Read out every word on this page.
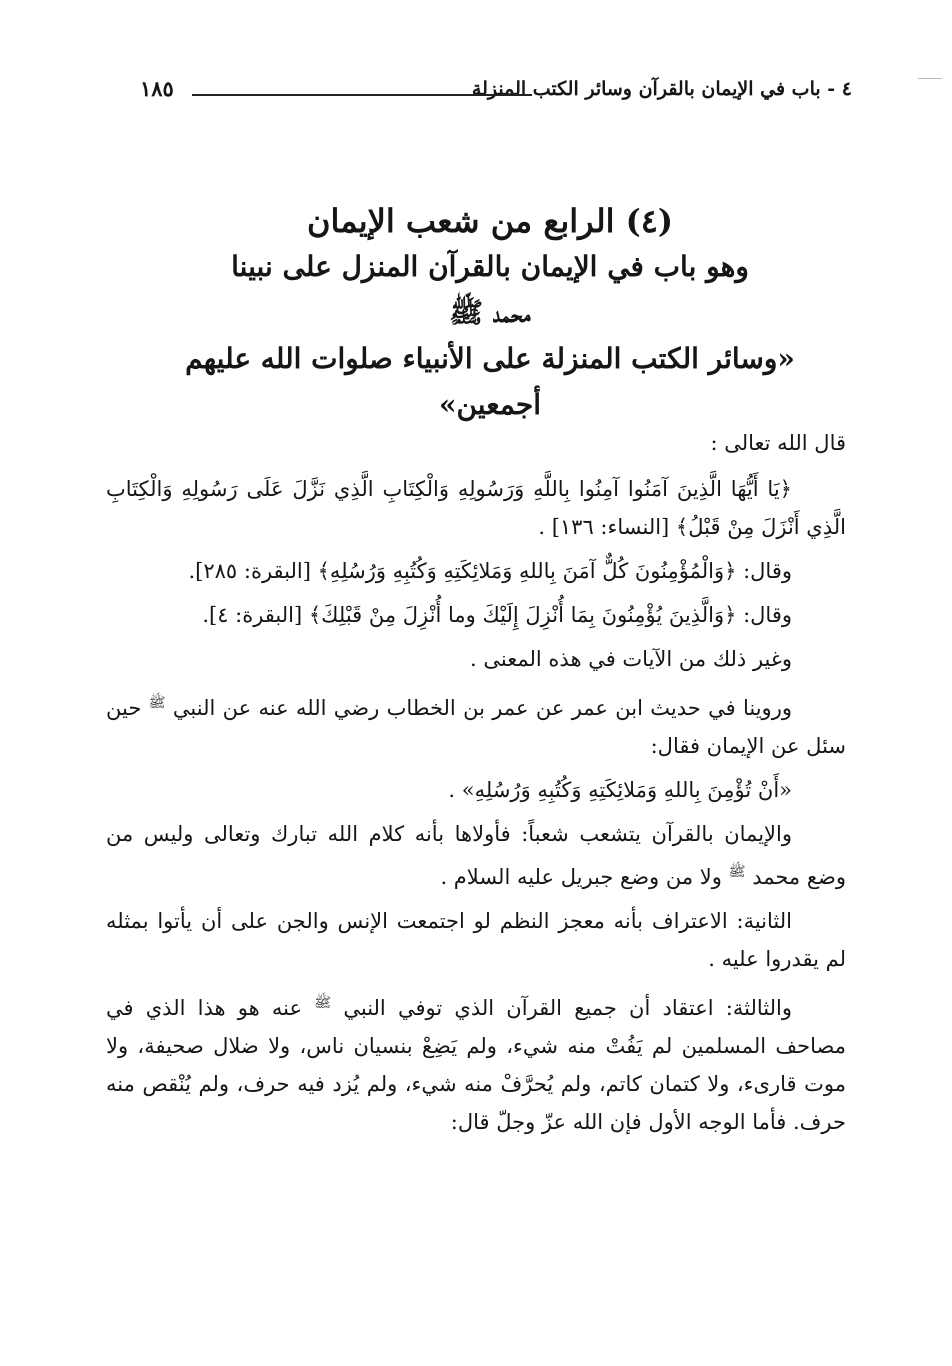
٤ - باب في الإيمان بالقرآن وسائر الكتب المنزلة
١٨٥
(٤) الرابع من شعب الإيمان
وهو باب في الإيمان بالقرآن المنزل على نبينا
محمد ﷺ
«وسائر الكتب المنزلة على الأنبياء صلوات الله عليهم
أجمعين»

قال الله تعالى :

﴿يَا أَيُّهَا الَّذِينَ آمَنُوا آمِنُوا بِاللَّهِ وَرَسُولِهِ وَالْكِتَابِ الَّذِي نَزَّلَ عَلَى رَسُولِهِ وَالْكِتَابِ الَّذِي أَنْزَلَ مِنْ قَبْلُ﴾ [النساء: ١٣٦] .

وقال: ﴿وَالْمُؤْمِنُونَ كُلٌّ آمَنَ بِاللهِ وَمَلائِكَتِهِ وَكُتُبِهِ وَرُسُلِهِ﴾ [البقرة: ٢٨٥].

وقال: ﴿وَالَّذِينَ يُؤْمِنُونَ بِمَا أُنْزِلَ إِلَيْكَ وما أُنْزِلَ مِنْ قَبْلِكَ﴾ [البقرة: ٤].

وغير ذلك من الآيات في هذه المعنى .

وروينا في حديث ابن عمر عن عمر بن الخطاب رضي الله عنه عن النبي $^ﷺ$ حين سئل عن الإيمان فقال:

«أَنْ تُؤْمِنَ بِاللهِ وَمَلائِكَتِهِ وَكُتُبِهِ وَرُسُلِهِ» .

والإيمان بالقرآن يتشعب شعباً: فأولاها بأنه كلام الله تبارك وتعالى وليس من وضع محمد $^ﷺ$ ولا من وضع جبريل عليه السلام .

الثانية: الاعتراف بأنه معجز النظم لو اجتمعت الإنس والجن على أن يأتوا بمثله لم يقدروا عليه .

والثالثة: اعتقاد أن جميع القرآن الذي توفي النبي $^ﷺ$ عنه هو هذا الذي في مصاحف المسلمين لم يَفُتْ منه شيء، ولم يَضِعْ بنسيان ناس، ولا ضلال صحيفة، ولا موت قارىء، ولا كتمان كاتم، ولم يُحرَّفْ منه شيء، ولم يُزد فيه حرف، ولم يُنْقص منه حرف. فأما الوجه الأول فإن الله عزّ وجلّ قال:
